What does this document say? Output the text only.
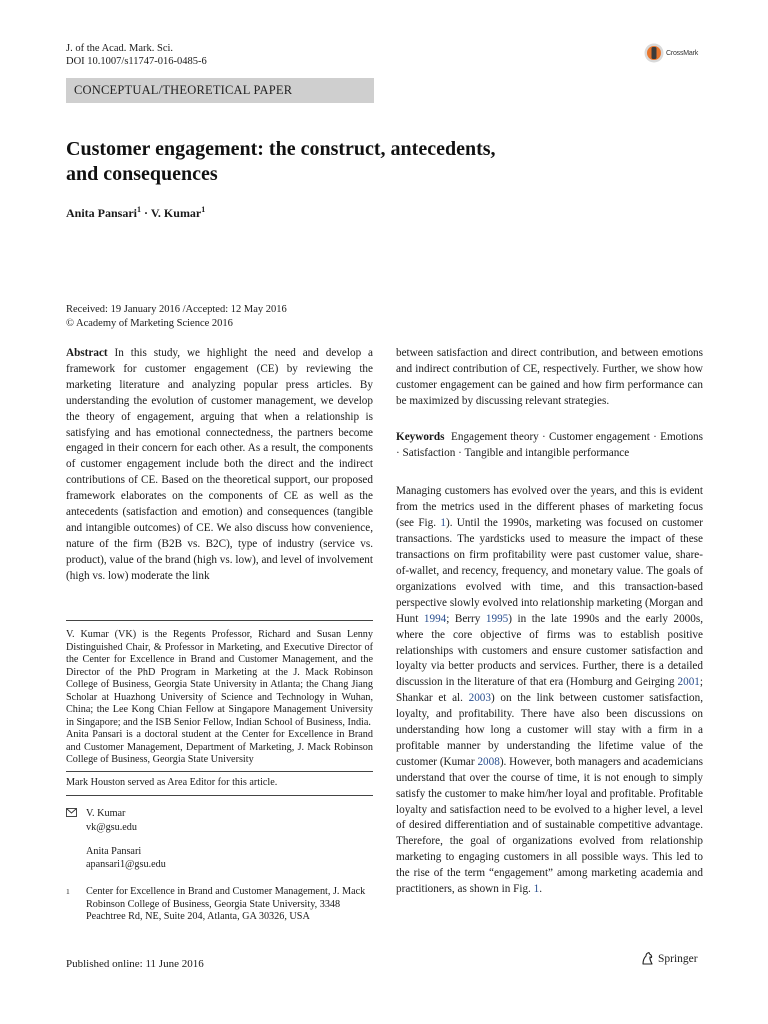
J. of the Acad. Mark. Sci.
DOI 10.1007/s11747-016-0485-6
CrossMark
CONCEPTUAL/THEORETICAL PAPER
Customer engagement: the construct, antecedents,
and consequences
Anita Pansari$^1$ · V. Kumar$^1$
Received: 19 January 2016 /Accepted: 12 May 2016
© Academy of Marketing Science 2016

Abstract In this study, we highlight the need and develop a framework for customer engagement (CE) by reviewing the marketing literature and analyzing popular press articles. By understanding the evolution of customer management, we develop the theory of engagement, arguing that when a relationship is satisfying and has emotional connectedness, the partners become engaged in their concern for each other. As a result, the components of customer engagement include both the direct and the indirect contributions of CE. Based on the theoretical support, our proposed framework elaborates on the components of CE as well as the antecedents (satisfaction and emotion) and consequences (tangible and intangible outcomes) of CE. We also discuss how convenience, nature of the firm (B2B vs. B2C), type of industry (service vs. product), value of the brand (high vs. low), and level of involvement (high vs. low) moderate the link

V. Kumar (VK) is the Regents Professor, Richard and Susan Lenny Distinguished Chair, & Professor in Marketing, and Executive Director of the Center for Excellence in Brand and Customer Management, and the Director of the PhD Program in Marketing at the J. Mack Robinson College of Business, Georgia State University in Atlanta; the Chang Jiang Scholar at Huazhong University of Science and Technology in Wuhan, China; the Lee Kong Chian Fellow at Singapore Management University in Singapore; and the ISB Senior Fellow, Indian School of Business, India.

Anita Pansari is a doctoral student at the Center for Excellence in Brand and Customer Management, Department of Marketing, J. Mack Robinson College of Business, Georgia State University

Mark Houston served as Area Editor for this article.
V. Kumar
vk@gsu.edu
Anita Pansari
apansari1@gsu.edu
1	Center for Excellence in Brand and Customer Management, J. Mack Robinson College of Business, Georgia State University, 3348 Peachtree Rd, NE, Suite 204, Atlanta, GA 30326, USA

between satisfaction and direct contribution, and between emotions and indirect contribution of CE, respectively. Further, we show how customer engagement can be gained and how firm performance can be maximized by discussing relevant strategies.

Keywords Engagement theory · Customer engagement · Emotions · Satisfaction · Tangible and intangible performance

Managing customers has evolved over the years, and this is evident from the metrics used in the different phases of marketing focus (see Fig. 1). Until the 1990s, marketing was focused on customer transactions. The yardsticks used to measure the impact of these transactions on firm profitability were past customer value, share-of-wallet, and recency, frequency, and monetary value. The goals of organizations evolved with time, and this transaction-based perspective slowly evolved into relationship marketing (Morgan and Hunt 1994; Berry 1995) in the late 1990s and the early 2000s, where the core objective of firms was to establish positive relationships with customers and ensure customer satisfaction and loyalty via better products and services. Further, there is a detailed discussion in the literature of that era (Homburg and Geirging 2001; Shankar et al. 2003) on the link between customer satisfaction, loyalty, and profitability. There have also been discussions on understanding how long a customer will stay with a firm in a profitable manner by understanding the lifetime value of the customer (Kumar 2008). However, both managers and academicians understand that over the course of time, it is not enough to simply satisfy the customer to make him/her loyal and profitable. Profitable loyalty and satisfaction need to be evolved to a higher level, a level of desired differentiation and of sustainable competitive advantage. Therefore, the goal of organizations evolved from relationship marketing to engaging customers in all possible ways. This led to the rise of the term “engagement” among marketing academia and practitioners, as shown in Fig. 1.

Published online: 11 June 2016	Springer
